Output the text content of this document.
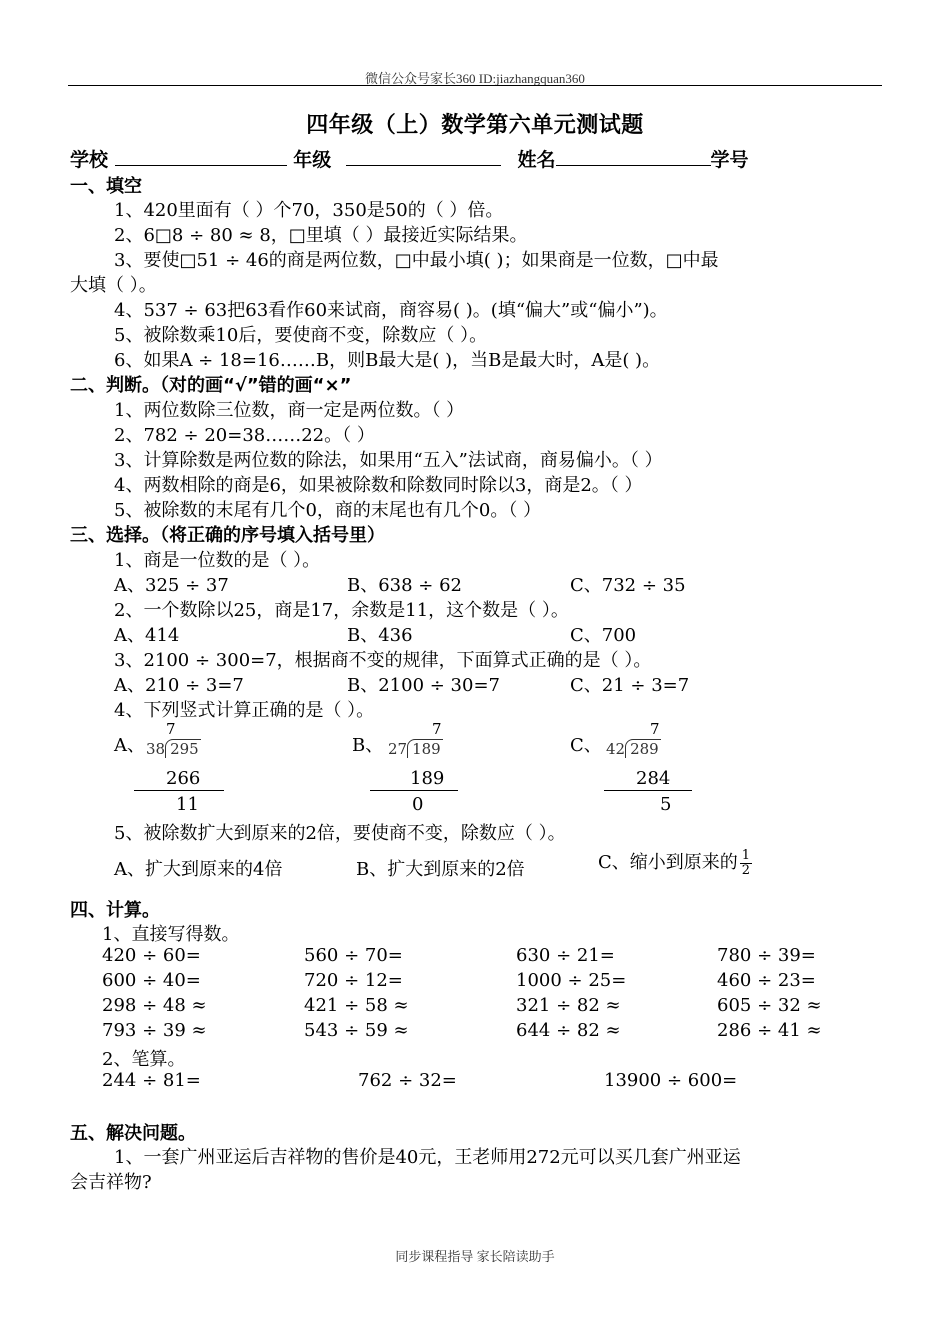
微信公众号家长360 ID:jiazhangquan360
四年级（上）数学第六单元测试题
学校	年级	姓名	学号
一、填空
1、420里面有（ ）个70，350是50的（ ）倍。
2、6□8 ÷ 80 ≈ 8，□里填（ ）最接近实际结果。
3、要使□51 ÷ 46的商是两位数，□中最小填( )；如果商是一位数，□中最
大填（ ）。
4、537 ÷ 63把63看作60来试商，商容易( )。(填“偏大”或“偏小”)。
5、被除数乘10后，要使商不变，除数应（ ）。
6、如果A ÷ 18=16……B，则B最大是( )，当B是最大时，A是( )。
二、判断。（对的画“√”错的画“×”
1、两位数除三位数，商一定是两位数。（ ）
2、782 ÷ 20=38……22。（ ）
3、计算除数是两位数的除法，如果用“五入”法试商，商易偏小。（ ）
4、两数相除的商是6，如果被除数和除数同时除以3，商是2。（ ）
5、被除数的末尾有几个0，商的末尾也有几个0。（ ）
三、选择。（将正确的序号填入括号里）
1、商是一位数的是（ ）。
A、325 ÷ 37	B、638 ÷ 62	C、732 ÷ 35
2、一个数除以25，商是17，余数是11，这个数是（ ）。
A、414	B、436	C、700
3、2100 ÷ 300=7，根据商不变的规律，下面算式正确的是（ ）。
A、210 ÷ 3=7	B、2100 ÷ 30=7	C、21 ÷ 3=7
4、下列竖式计算正确的是（ ）。
A、
7
38 295
266
11
B、
7
27 189
189
0
C、
7
42 289
284
5
5、被除数扩大到原来的2倍，要使商不变，除数应（ ）。
A、扩大到原来的4倍	B、扩大到原来的2倍	C、缩小到原来的 $\frac{1}{2}$
四、计算。
1、直接写得数。
420 ÷ 60=	560 ÷ 70=	630 ÷ 21=	780 ÷ 39=
600 ÷ 40=	720 ÷ 12=	1000 ÷ 25=	460 ÷ 23=
298 ÷ 48 ≈	421 ÷ 58 ≈	321 ÷ 82 ≈	605 ÷ 32 ≈
793 ÷ 39 ≈	543 ÷ 59 ≈	644 ÷ 82 ≈	286 ÷ 41 ≈
2、笔算。
244 ÷ 81=	762 ÷ 32=	13900 ÷ 600=
五、解决问题。
1、一套广州亚运后吉祥物的售价是40元，王老师用272元可以买几套广州亚运
会吉祥物?
同步课程指导 家长陪读助手
